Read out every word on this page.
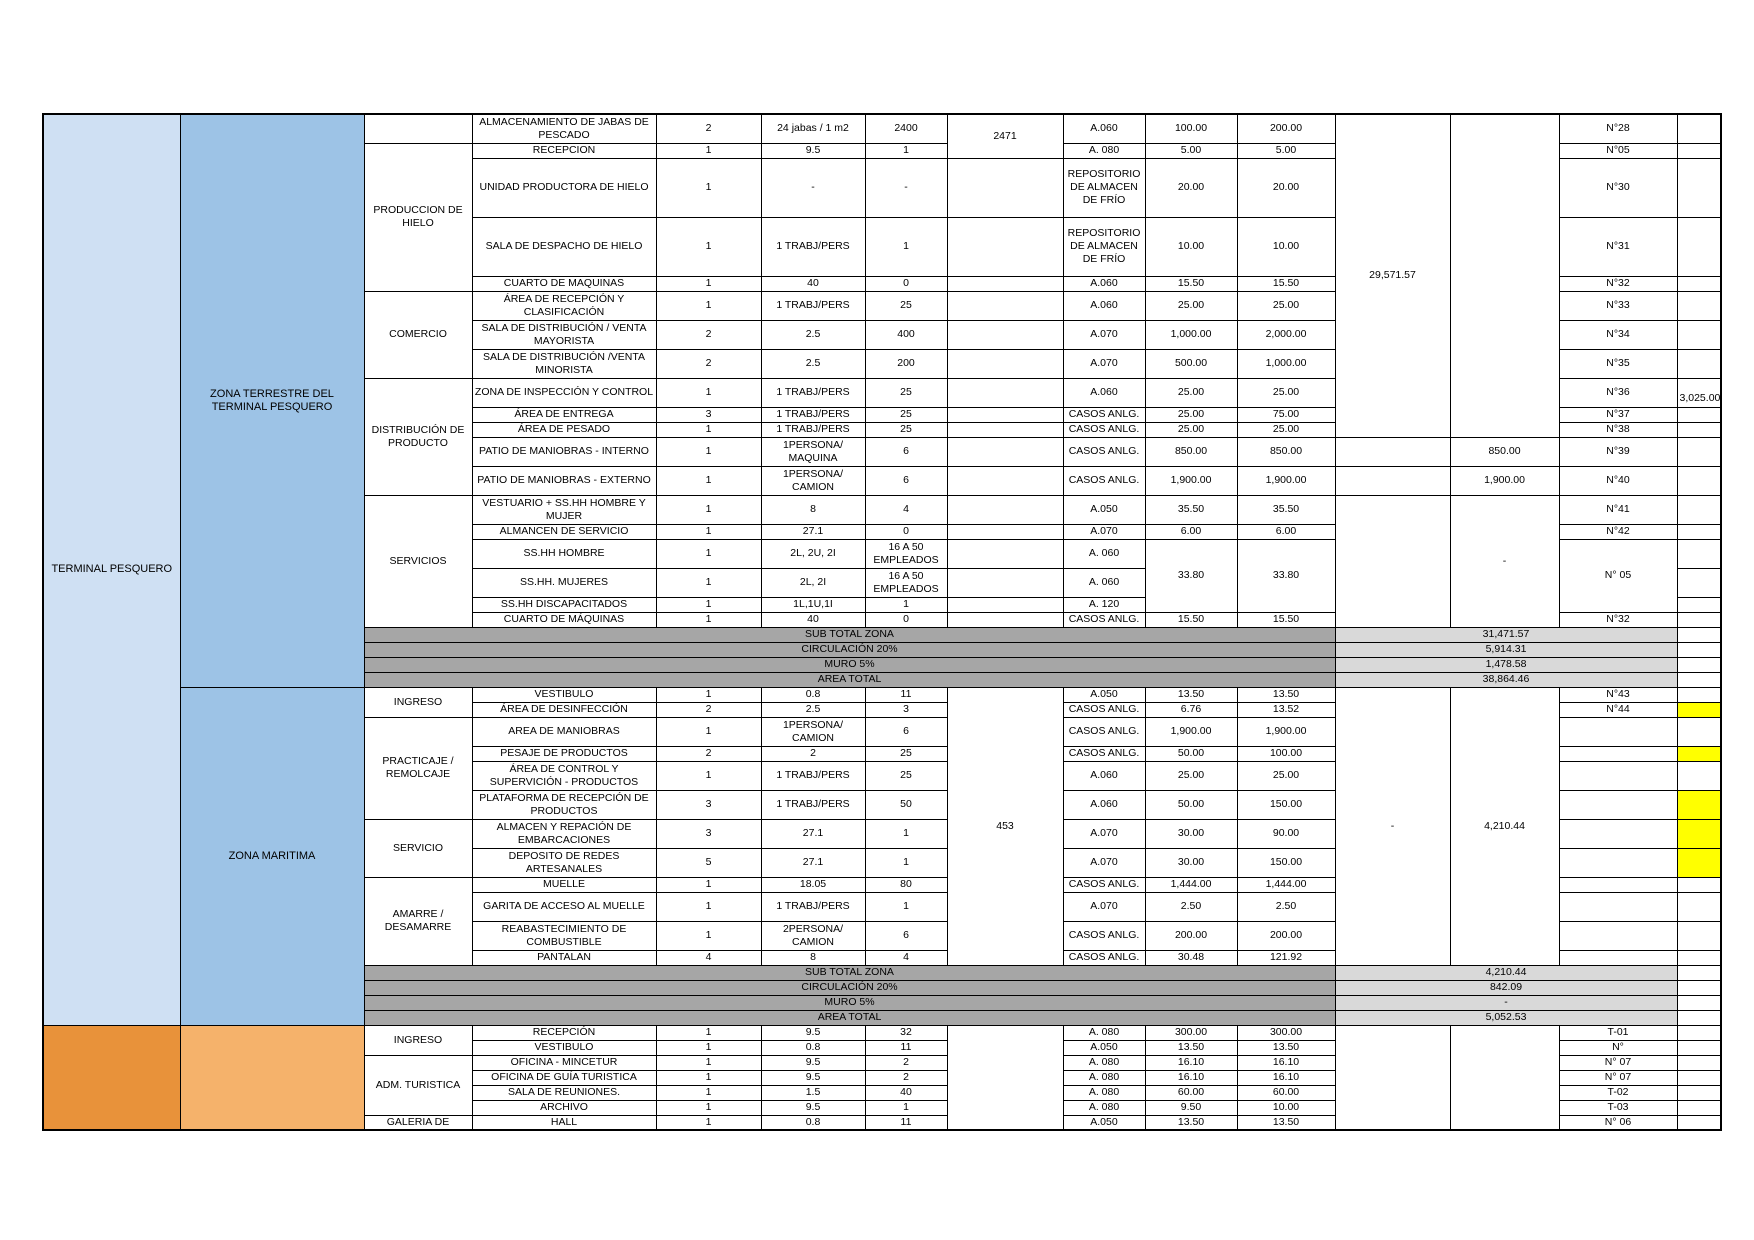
TERMINAL PESQUERO	ZONA TERRESTRE DEL TERMINAL PESQUERO		ALMACENAMIENTO DE JABAS DE PESCADO	2	24 jabas / 1 m2	2400	2471	A.060	100.00	200.00	29,571.57		N°28	
		PRODUCCION DE HIELO	RECEPCION	1	9.5	1		A. 080	5.00	5.00			N°05	
			UNIDAD PRODUCTORA DE HIELO	1	-	-		REPOSITORIO DE ALMACEN DE FRÍO	20.00	20.00			N°30	
			SALA DE DESPACHO DE HIELO	1	1 TRABJ/PERS	1		REPOSITORIO DE ALMACEN DE FRÍO	10.00	10.00			N°31	
			CUARTO DE MAQUINAS	1	40	0		A.060	15.50	15.50			N°32	
		COMERCIO	ÁREA DE RECEPCIÓN Y CLASIFICACIÓN	1	1 TRABJ/PERS	25		A.060	25.00	25.00			N°33	
			SALA DE DISTRIBUCIÓN / VENTA MAYORISTA	2	2.5	400		A.070	1,000.00	2,000.00			N°34	
			SALA DE DISTRIBUCIÓN /VENTA MINORISTA	2	2.5	200		A.070	500.00	1,000.00			N°35	
		DISTRIBUCIÓN DE PRODUCTO	ZONA DE INSPECCIÓN Y CONTROL	1	1 TRABJ/PERS	25		A.060	25.00	25.00			N°36	3,025.00
			ÁREA DE ENTREGA	3	1 TRABJ/PERS	25		CASOS ANLG.	25.00	75.00			N°37	
			ÁREA DE PESADO	1	1 TRABJ/PERS	25		CASOS ANLG.	25.00	25.00			N°38	
			PATIO DE MANIOBRAS - INTERNO	1	1PERSONA/ MAQUINA	6		CASOS ANLG.	850.00	850.00		850.00	N°39	
			PATIO DE MANIOBRAS - EXTERNO	1	1PERSONA/ CAMION	6		CASOS ANLG.	1,900.00	1,900.00		1,900.00	N°40	
		SERVICIOS	VESTUARIO + SS.HH HOMBRE Y MUJER	1	8	4		A.050	35.50	35.50		-	N°41	
			ALMANCEN DE SERVICIO	1	27.1	0		A.070	6.00	6.00			N°42	
			SS.HH HOMBRE	1	2L, 2U, 2I	16 A 50 EMPLEADOS		A. 060	33.80	33.80			N° 05	
			SS.HH. MUJERES	1	2L, 2I	16 A 50 EMPLEADOS		A. 060						
			SS.HH DISCAPACITADOS	1	1L,1U,1I	1		A. 120						
			CUARTO DE MÁQUINAS	1	40	0		CASOS ANLG.	15.50	15.50			N°32	
		SUB TOTAL ZONA									31,471.57			
		CIRCULACIÓN 20%									5,914.31			
		MURO 5%									1,478.58			
		AREA TOTAL									38,864.46			
	ZONA MARITIMA	INGRESO	VESTIBULO	1	0.8	11	453	A.050	13.50	13.50	-	4,210.44	N°43	
			ÁREA DE DESINFECCIÓN	2	2.5	3		CASOS ANLG.	6.76	13.52			N°44	
		PRACTICAJE / REMOLCAJE	AREA DE MANIOBRAS	1	1PERSONA/ CAMION	6		CASOS ANLG.	1,900.00	1,900.00				
			PESAJE DE PRODUCTOS	2	2	25		CASOS ANLG.	50.00	100.00				
			ÁREA DE CONTROL Y SUPERVICIÓN - PRODUCTOS	1	1 TRABJ/PERS	25		A.060	25.00	25.00				
			PLATAFORMA DE RECEPCIÓN DE PRODUCTOS	3	1 TRABJ/PERS	50		A.060	50.00	150.00				
		SERVICIO	ALMACEN Y REPACIÓN DE EMBARCACIONES	3	27.1	1		A.070	30.00	90.00				
			DEPOSITO DE REDES ARTESANALES	5	27.1	1		A.070	30.00	150.00				
		AMARRE / DESAMARRE	MUELLE	1	18.05	80		CASOS ANLG.	1,444.00	1,444.00				
			GARITA DE ACCESO AL MUELLE	1	1 TRABJ/PERS	1		A.070	2.50	2.50				
			REABASTECIMIENTO DE COMBUSTIBLE	1	2PERSONA/ CAMION	6		CASOS ANLG.	200.00	200.00				
			PANTALAN	4	8	4		CASOS ANLG.	30.48	121.92				
		SUB TOTAL ZONA									4,210.44			
		CIRCULACIÓN 20%									842.09			
		MURO 5%									-			
		AREA TOTAL									5,052.53			
		INGRESO	RECEPCIÓN	1	9.5	32		A. 080	300.00	300.00			T-01	
			VESTIBULO	1	0.8	11		A.050	13.50	13.50			N°	
		ADM. TURISTICA	OFICINA - MINCETUR	1	9.5	2		A. 080	16.10	16.10			N° 07	
			OFICINA DE GUÍA TURISTICA	1	9.5	2		A. 080	16.10	16.10			N° 07	
			SALA DE REUNIONES.	1	1.5	40		A. 080	60.00	60.00			T-02	
			ARCHIVO	1	9.5	1		A. 080	9.50	10.00			T-03	
		GALERIA DE	HALL	1	0.8	11		A.050	13.50	13.50			N° 06	
